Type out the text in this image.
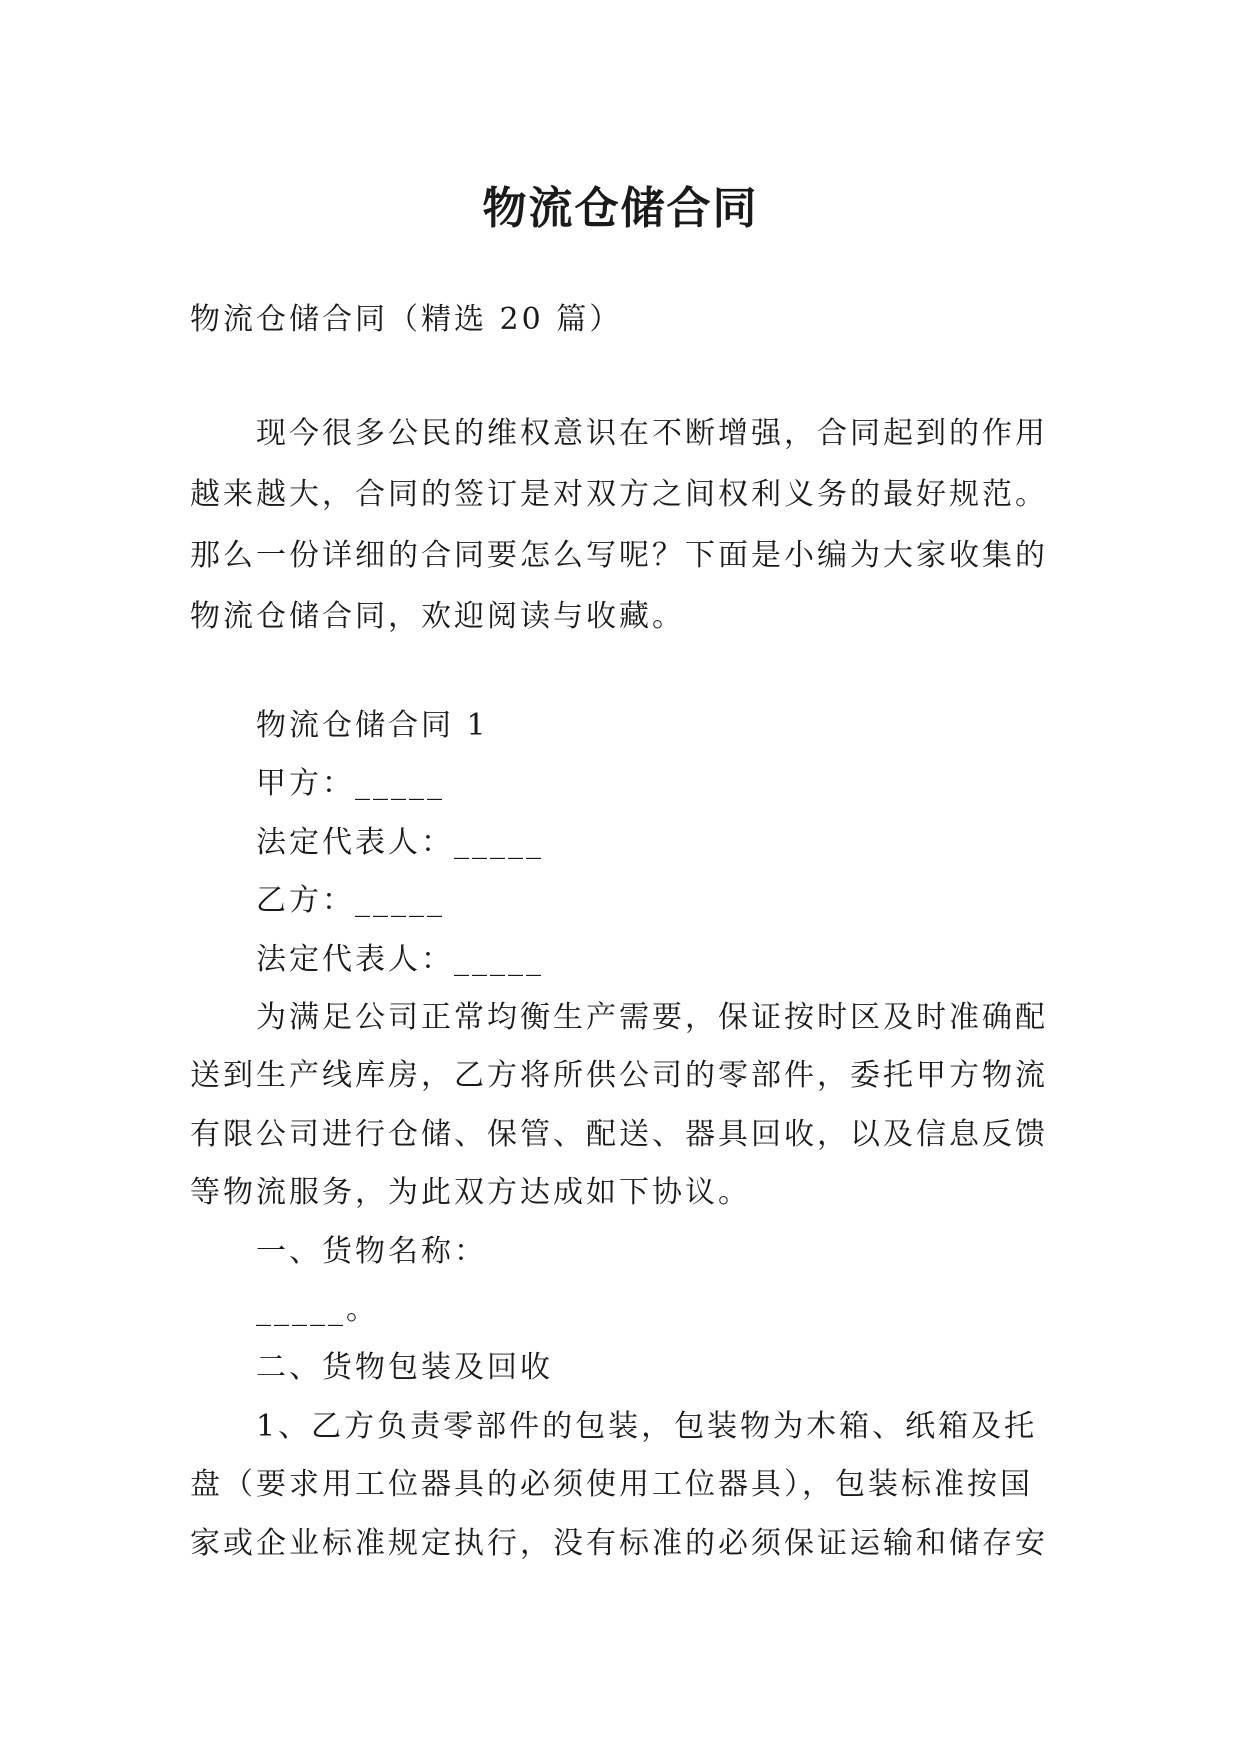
物流仓储合同
物流仓储合同（精选 20 篇）
现今很多公民的维权意识在不断增强，合同起到的作用越来越大，合同的签订是对双方之间权利义务的最好规范。那么一份详细的合同要怎么写呢？下面是小编为大家收集的物流仓储合同，欢迎阅读与收藏。
物流仓储合同 1
甲方：_____
法定代表人：_____
乙方：_____
法定代表人：_____
为满足公司正常均衡生产需要，保证按时区及时准确配送到生产线库房，乙方将所供公司的零部件，委托甲方物流有限公司进行仓储、保管、配送、器具回收，以及信息反馈等物流服务，为此双方达成如下协议。
一、货物名称：
_____。
二、货物包装及回收
1、乙方负责零部件的包装，包装物为木箱、纸箱及托盘（要求用工位器具的必须使用工位器具），包装标准按国家或企业标准规定执行，没有标准的必须保证运输和储存安
